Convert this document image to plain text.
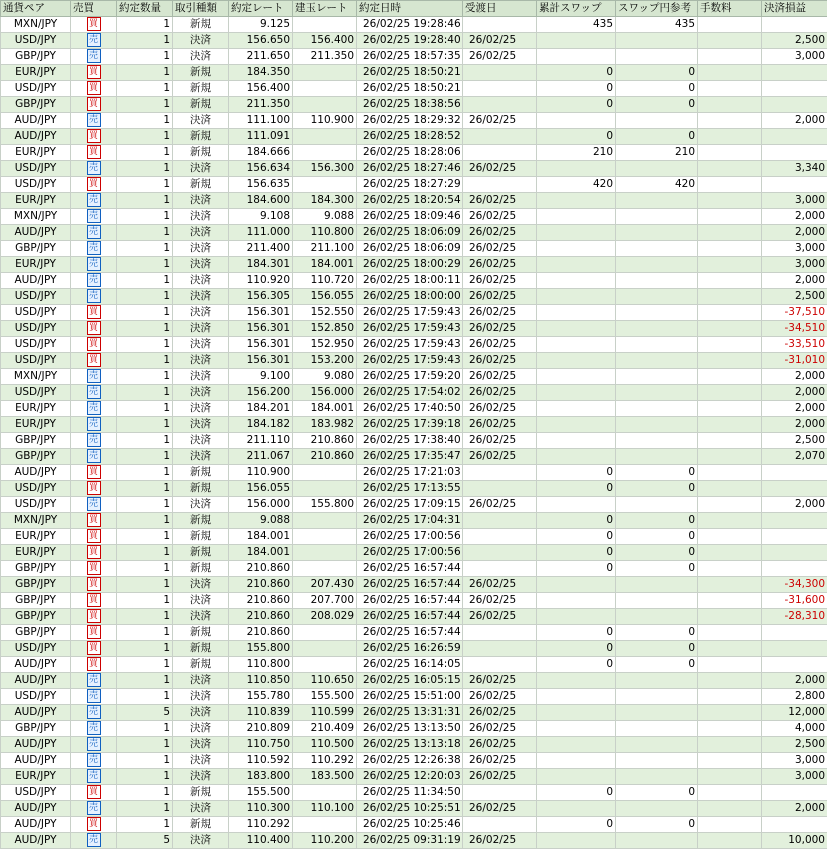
通貨ペア	売買	約定数量	取引種類	約定レート	建玉レート	約定日時	受渡日	累計スワップ	スワップ円参考	手数料	決済損益
MXN/JPY	買	1	新規	9.125		26/02/25 19:28:46		435	435		
USD/JPY	売	1	決済	156.650	156.400	26/02/25 19:28:40	26/02/25				2,500
GBP/JPY	売	1	決済	211.650	211.350	26/02/25 18:57:35	26/02/25				3,000
EUR/JPY	買	1	新規	184.350		26/02/25 18:50:21		0	0		
USD/JPY	買	1	新規	156.400		26/02/25 18:50:21		0	0		
GBP/JPY	買	1	新規	211.350		26/02/25 18:38:56		0	0		
AUD/JPY	売	1	決済	111.100	110.900	26/02/25 18:29:32	26/02/25				2,000
AUD/JPY	買	1	新規	111.091		26/02/25 18:28:52		0	0		
EUR/JPY	買	1	新規	184.666		26/02/25 18:28:06		210	210		
USD/JPY	売	1	決済	156.634	156.300	26/02/25 18:27:46	26/02/25				3,340
USD/JPY	買	1	新規	156.635		26/02/25 18:27:29		420	420		
EUR/JPY	売	1	決済	184.600	184.300	26/02/25 18:20:54	26/02/25				3,000
MXN/JPY	売	1	決済	9.108	9.088	26/02/25 18:09:46	26/02/25				2,000
AUD/JPY	売	1	決済	111.000	110.800	26/02/25 18:06:09	26/02/25				2,000
GBP/JPY	売	1	決済	211.400	211.100	26/02/25 18:06:09	26/02/25				3,000
EUR/JPY	売	1	決済	184.301	184.001	26/02/25 18:00:29	26/02/25				3,000
AUD/JPY	売	1	決済	110.920	110.720	26/02/25 18:00:11	26/02/25				2,000
USD/JPY	売	1	決済	156.305	156.055	26/02/25 18:00:00	26/02/25				2,500
USD/JPY	買	1	決済	156.301	152.550	26/02/25 17:59:43	26/02/25				-37,510
USD/JPY	買	1	決済	156.301	152.850	26/02/25 17:59:43	26/02/25				-34,510
USD/JPY	買	1	決済	156.301	152.950	26/02/25 17:59:43	26/02/25				-33,510
USD/JPY	買	1	決済	156.301	153.200	26/02/25 17:59:43	26/02/25				-31,010
MXN/JPY	売	1	決済	9.100	9.080	26/02/25 17:59:20	26/02/25				2,000
USD/JPY	売	1	決済	156.200	156.000	26/02/25 17:54:02	26/02/25				2,000
EUR/JPY	売	1	決済	184.201	184.001	26/02/25 17:40:50	26/02/25				2,000
EUR/JPY	売	1	決済	184.182	183.982	26/02/25 17:39:18	26/02/25				2,000
GBP/JPY	売	1	決済	211.110	210.860	26/02/25 17:38:40	26/02/25				2,500
GBP/JPY	売	1	決済	211.067	210.860	26/02/25 17:35:47	26/02/25				2,070
AUD/JPY	買	1	新規	110.900		26/02/25 17:21:03		0	0		
USD/JPY	買	1	新規	156.055		26/02/25 17:13:55		0	0		
USD/JPY	売	1	決済	156.000	155.800	26/02/25 17:09:15	26/02/25				2,000
MXN/JPY	買	1	新規	9.088		26/02/25 17:04:31		0	0		
EUR/JPY	買	1	新規	184.001		26/02/25 17:00:56		0	0		
EUR/JPY	買	1	新規	184.001		26/02/25 17:00:56		0	0		
GBP/JPY	買	1	新規	210.860		26/02/25 16:57:44		0	0		
GBP/JPY	買	1	決済	210.860	207.430	26/02/25 16:57:44	26/02/25				-34,300
GBP/JPY	買	1	決済	210.860	207.700	26/02/25 16:57:44	26/02/25				-31,600
GBP/JPY	買	1	決済	210.860	208.029	26/02/25 16:57:44	26/02/25				-28,310
GBP/JPY	買	1	新規	210.860		26/02/25 16:57:44		0	0		
USD/JPY	買	1	新規	155.800		26/02/25 16:26:59		0	0		
AUD/JPY	買	1	新規	110.800		26/02/25 16:14:05		0	0		
AUD/JPY	売	1	決済	110.850	110.650	26/02/25 16:05:15	26/02/25				2,000
USD/JPY	売	1	決済	155.780	155.500	26/02/25 15:51:00	26/02/25				2,800
AUD/JPY	売	5	決済	110.839	110.599	26/02/25 13:31:31	26/02/25				12,000
GBP/JPY	売	1	決済	210.809	210.409	26/02/25 13:13:50	26/02/25				4,000
AUD/JPY	売	1	決済	110.750	110.500	26/02/25 13:13:18	26/02/25				2,500
AUD/JPY	売	1	決済	110.592	110.292	26/02/25 12:26:38	26/02/25				3,000
EUR/JPY	売	1	決済	183.800	183.500	26/02/25 12:20:03	26/02/25				3,000
USD/JPY	買	1	新規	155.500		26/02/25 11:34:50		0	0		
AUD/JPY	売	1	決済	110.300	110.100	26/02/25 10:25:51	26/02/25				2,000
AUD/JPY	買	1	新規	110.292		26/02/25 10:25:46		0	0		
AUD/JPY	売	5	決済	110.400	110.200	26/02/25 09:31:19	26/02/25				10,000
